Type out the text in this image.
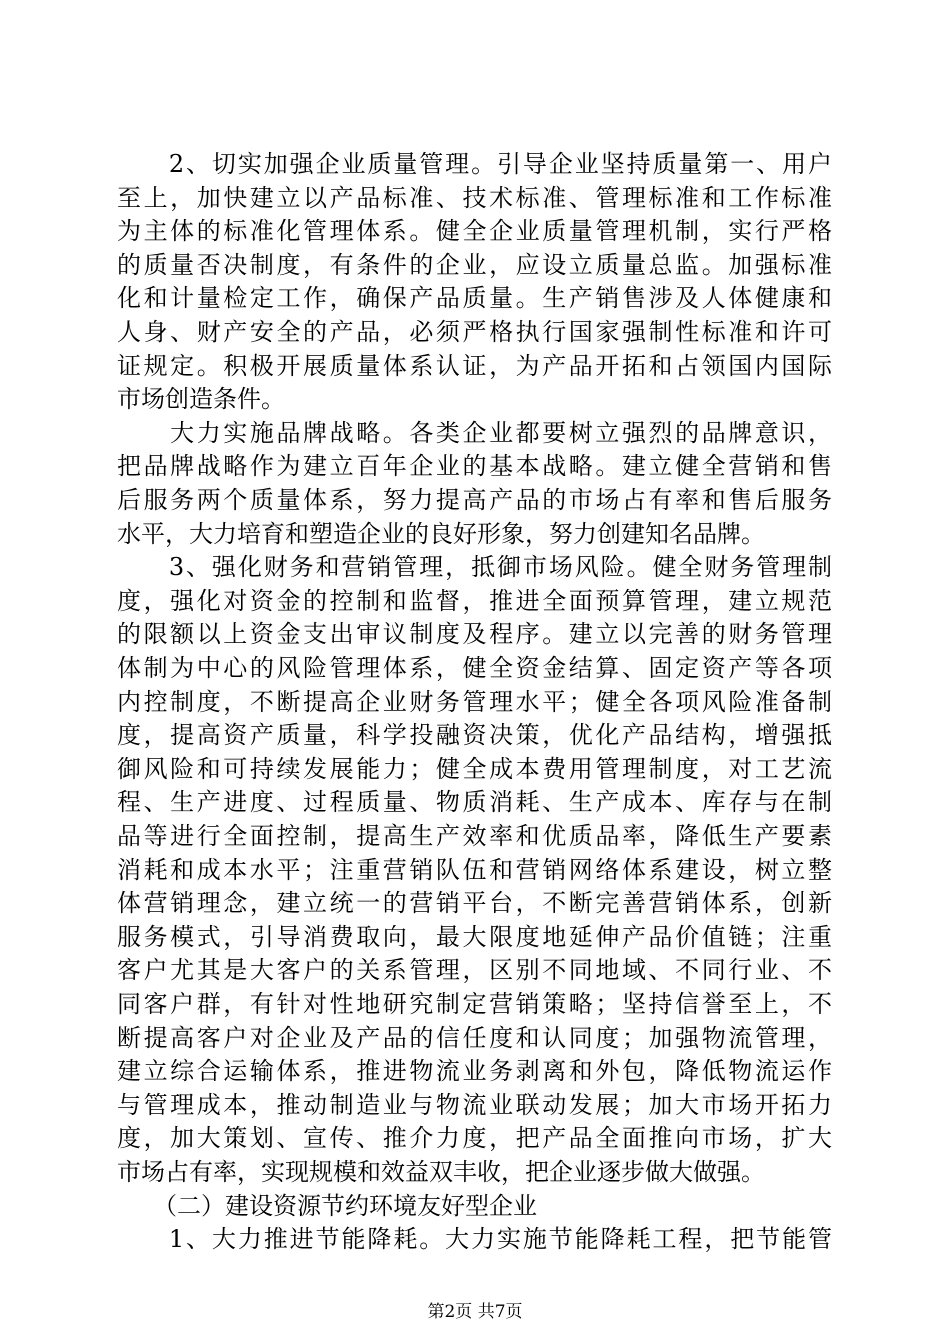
　　2、切实加强企业质量管理。引导企业坚持质量第一、用户
至上，加快建立以产品标准、技术标准、管理标准和工作标准
为主体的标准化管理体系。健全企业质量管理机制，实行严格
的质量否决制度，有条件的企业，应设立质量总监。加强标准
化和计量检定工作，确保产品质量。生产销售涉及人体健康和
人身、财产安全的产品，必须严格执行国家强制性标准和许可
证规定。积极开展质量体系认证，为产品开拓和占领国内国际
市场创造条件。
　　大力实施品牌战略。各类企业都要树立强烈的品牌意识，
把品牌战略作为建立百年企业的基本战略。建立健全营销和售
后服务两个质量体系，努力提高产品的市场占有率和售后服务
水平，大力培育和塑造企业的良好形象，努力创建知名品牌。
　　3、强化财务和营销管理，抵御市场风险。健全财务管理制
度，强化对资金的控制和监督，推进全面预算管理，建立规范
的限额以上资金支出审议制度及程序。建立以完善的财务管理
体制为中心的风险管理体系，健全资金结算、固定资产等各项
内控制度，不断提高企业财务管理水平；健全各项风险准备制
度，提高资产质量，科学投融资决策，优化产品结构，增强抵
御风险和可持续发展能力；健全成本费用管理制度，对工艺流
程、生产进度、过程质量、物质消耗、生产成本、库存与在制
品等进行全面控制，提高生产效率和优质品率，降低生产要素
消耗和成本水平；注重营销队伍和营销网络体系建设，树立整
体营销理念，建立统一的营销平台，不断完善营销体系，创新
服务模式，引导消费取向，最大限度地延伸产品价值链；注重
客户尤其是大客户的关系管理，区别不同地域、不同行业、不
同客户群，有针对性地研究制定营销策略；坚持信誉至上，不
断提高客户对企业及产品的信任度和认同度；加强物流管理，
建立综合运输体系，推进物流业务剥离和外包，降低物流运作
与管理成本，推动制造业与物流业联动发展；加大市场开拓力
度，加大策划、宣传、推介力度，把产品全面推向市场，扩大
市场占有率，实现规模和效益双丰收，把企业逐步做大做强。
　　（二）建设资源节约环境友好型企业
　　1、大力推进节能降耗。大力实施节能降耗工程，把节能管
第2页 共7页
